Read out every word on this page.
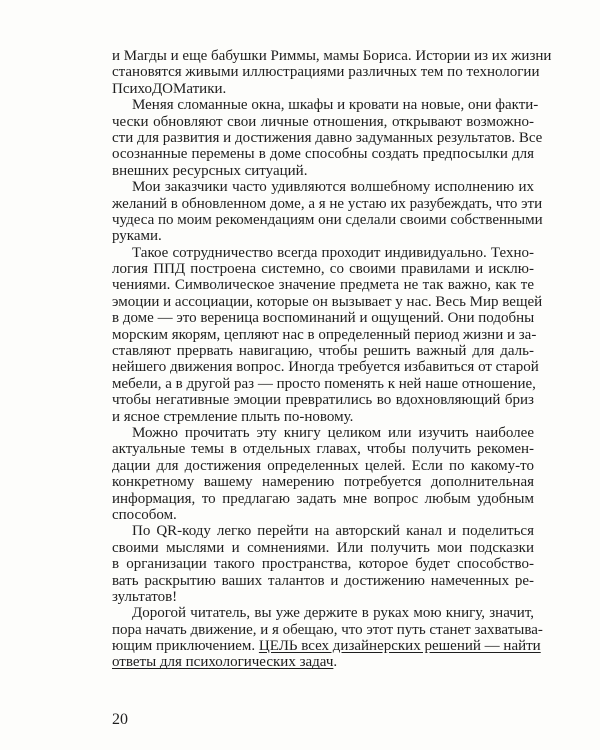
и Магды и еще бабушки Риммы, мамы Бориса. Истории из их жизни
становятся живыми иллюстрациями различных тем по технологии
ПсихоДОМатики.
Меняя сломанные окна, шкафы и кровати на новые, они факти-
чески обновляют свои личные отношения, открывают возможно-
сти для развития и достижения давно задуманных результатов. Все
осознанные перемены в доме способны создать предпосылки для
внешних ресурсных ситуаций.
Мои заказчики часто удивляются волшебному исполнению их
желаний в обновленном доме, а я не устаю их разубеждать, что эти
чудеса по моим рекомендациям они сделали своими собственными
руками.
Такое сотрудничество всегда проходит индивидуально. Техно-
логия ППД построена системно, со своими правилами и исклю-
чениями. Символическое значение предмета не так важно, как те
эмоции и ассоциации, которые он вызывает у нас. Весь Мир вещей
в доме — это вереница воспоминаний и ощущений. Они подобны
морским якорям, цепляют нас в определенный период жизни и за-
ставляют прервать навигацию, чтобы решить важный для даль-
нейшего движения вопрос. Иногда требуется избавиться от старой
мебели, а в другой раз — просто поменять к ней наше отношение,
чтобы негативные эмоции превратились во вдохновляющий бриз
и ясное стремление плыть по-новому.
Можно прочитать эту книгу целиком или изучить наиболее
актуальные темы в отдельных главах, чтобы получить рекомен-
дации для достижения определенных целей. Если по какому-то
конкретному вашему намерению потребуется дополнительная
информация, то предлагаю задать мне вопрос любым удобным
способом.
По QR-коду легко перейти на авторский канал и поделиться
своими мыслями и сомнениями. Или получить мои подсказки
в организации такого пространства, которое будет способство-
вать раскрытию ваших талантов и достижению намеченных ре-
зультатов!
Дорогой читатель, вы уже держите в руках мою книгу, значит,
пора начать движение, и я обещаю, что этот путь станет захватыва-
ющим приключением. ЦЕЛЬ всех дизайнерских решений — найти
ответы для психологических задач.
20
